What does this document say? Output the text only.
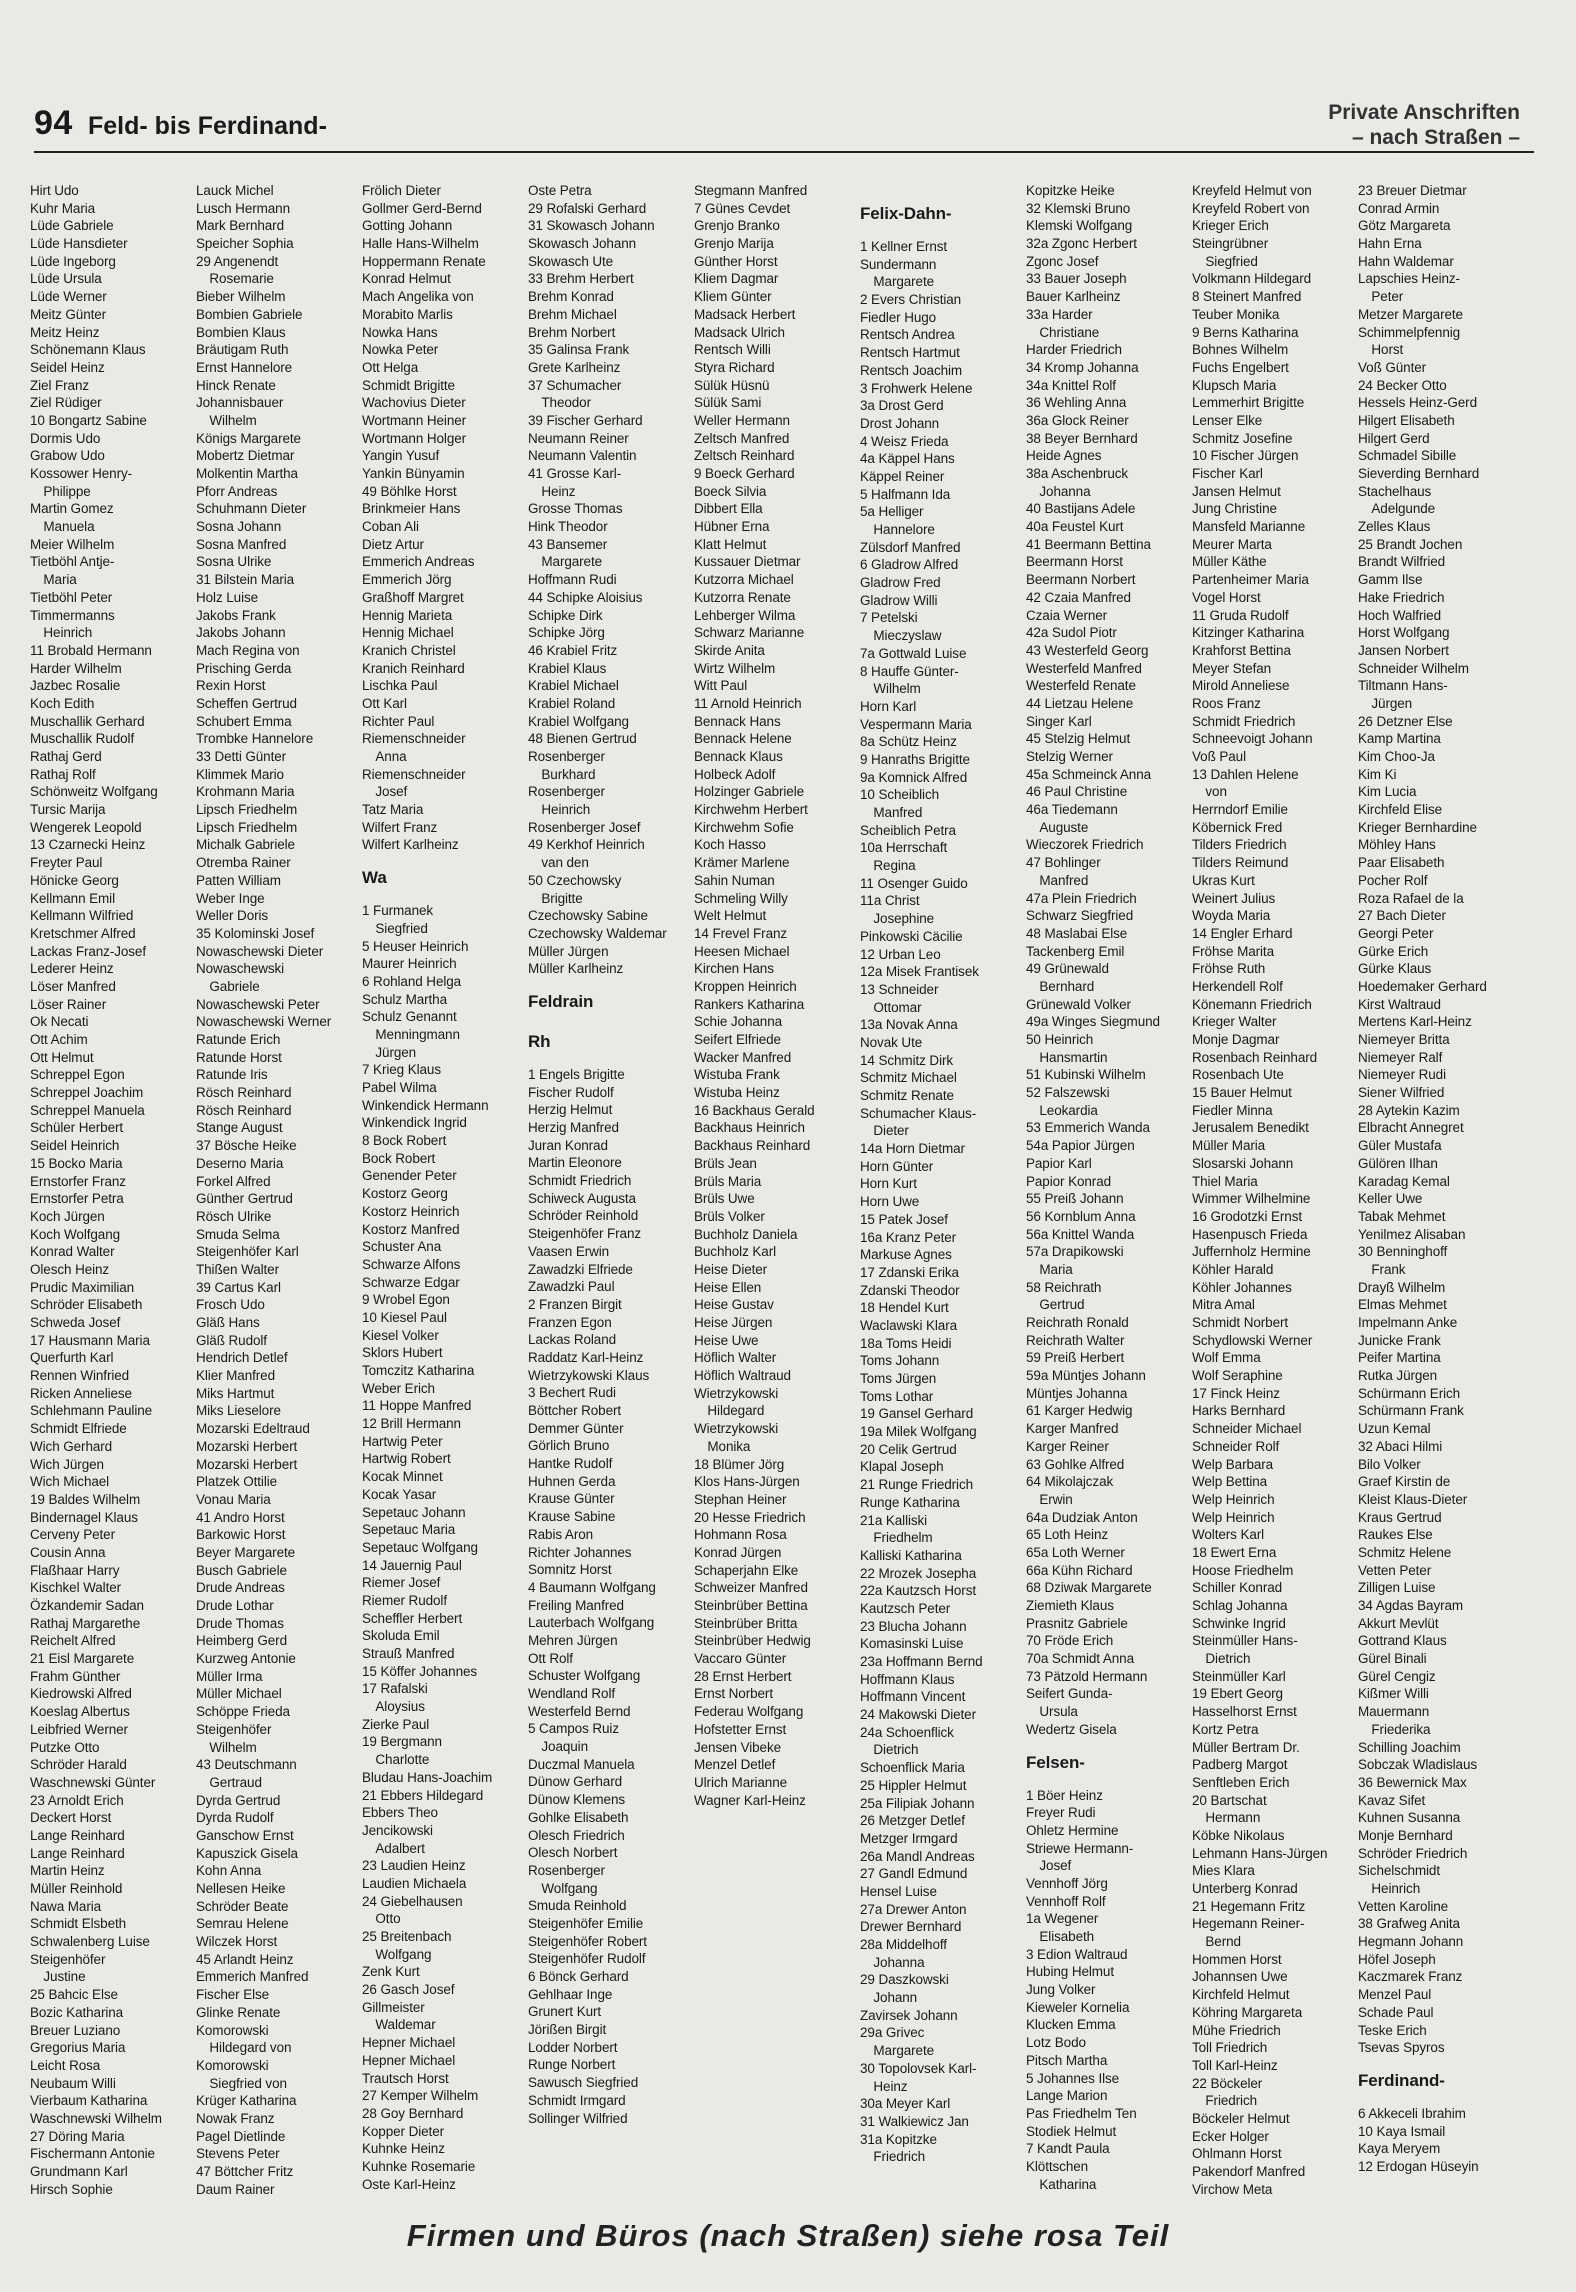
94 Feld- bis Ferdinand-	Private Anschriften
– nach Straßen –
Hirt Udo
Kuhr Maria
Lüde Gabriele
Lüde Hansdieter
Lüde Ingeborg
Lüde Ursula
Lüde Werner
Meitz Günter
Meitz Heinz
Schönemann Klaus
Seidel Heinz
Ziel Franz
Ziel Rüdiger
10 Bongartz Sabine
Dormis Udo
Grabow Udo
Kossower Henry-
 Philippe
Martin Gomez
 Manuela
Meier Wilhelm
Tietböhl Antje-
 Maria
Tietböhl Peter
Timmermanns
 Heinrich
11 Brobald Hermann
Harder Wilhelm
Jazbec Rosalie
Koch Edith
Muschallik Gerhard
Muschallik Rudolf
Rathaj Gerd
Rathaj Rolf
Schönweitz Wolfgang
Tursic Marija
Wengerek Leopold
13 Czarnecki Heinz
Freyter Paul
Hönicke Georg
Kellmann Emil
Kellmann Wilfried
Kretschmer Alfred
Lackas Franz-Josef
Lederer Heinz
Löser Manfred
Löser Rainer
Ok Necati
Ott Achim
Ott Helmut
Schreppel Egon
Schreppel Joachim
Schreppel Manuela
Schüler Herbert
Seidel Heinrich
15 Bocko Maria
Ernstorfer Franz
Ernstorfer Petra
Koch Jürgen
Koch Wolfgang
Konrad Walter
Olesch Heinz
Prudic Maximilian
Schröder Elisabeth
Schweda Josef
17 Hausmann Maria
Querfurth Karl
Rennen Winfried
Ricken Anneliese
Schlehmann Pauline
Schmidt Elfriede
Wich Gerhard
Wich Jürgen
Wich Michael
19 Baldes Wilhelm
Bindernagel Klaus
Cerveny Peter
Cousin Anna
Flaßhaar Harry
Kischkel Walter
Özkandemir Sadan
Rathaj Margarethe
Reichelt Alfred
21 Eisl Margarete
Frahm Günther
Kiedrowski Alfred
Koeslag Albertus
Leibfried Werner
Putzke Otto
Schröder Harald
Waschnewski Günter
23 Arnoldt Erich
Deckert Horst
Lange Reinhard
Lange Reinhard
Martin Heinz
Müller Reinhold
Nawa Maria
Schmidt Elsbeth
Schwalenberg Luise
Steigenhöfer
 Justine
25 Bahcic Else
Bozic Katharina
Breuer Luziano
Gregorius Maria
Leicht Rosa
Neubaum Willi
Vierbaum Katharina
Waschnewski Wilhelm
27 Döring Maria
Fischermann Antonie
Grundmann Karl
Hirsch Sophie
Lauck Michel
Lusch Hermann
Mark Bernhard
Speicher Sophia
29 Angenendt
 Rosemarie
Bieber Wilhelm
Bombien Gabriele
Bombien Klaus
Bräutigam Ruth
Ernst Hannelore
Hinck Renate
Johannisbauer
 Wilhelm
Königs Margarete
Mobertz Dietmar
Molkentin Martha
Pforr Andreas
Schuhmann Dieter
Sosna Johann
Sosna Manfred
Sosna Ulrike
31 Bilstein Maria
Holz Luise
Jakobs Frank
Jakobs Johann
Mach Regina von
Prisching Gerda
Rexin Horst
Scheffen Gertrud
Schubert Emma
Trombke Hannelore
33 Detti Günter
Klimmek Mario
Krohmann Maria
Lipsch Friedhelm
Lipsch Friedhelm
Michalk Gabriele
Otremba Rainer
Patten William
Weber Inge
Weller Doris
35 Kolominski Josef
Nowaschewski Dieter
Nowaschewski
 Gabriele
Nowaschewski Peter
Nowaschewski Werner
Ratunde Erich
Ratunde Horst
Ratunde Iris
Rösch Reinhard
Rösch Reinhard
Stange August
37 Bösche Heike
Deserno Maria
Forkel Alfred
Günther Gertrud
Rösch Ulrike
Smuda Selma
Steigenhöfer Karl
Thißen Walter
39 Cartus Karl
Frosch Udo
Gläß Hans
Gläß Rudolf
Hendrich Detlef
Klier Manfred
Miks Hartmut
Miks Lieselore
Mozarski Edeltraud
Mozarski Herbert
Mozarski Herbert
Platzek Ottilie
Vonau Maria
41 Andro Horst
Barkowic Horst
Beyer Margarete
Busch Gabriele
Drude Andreas
Drude Lothar
Drude Thomas
Heimberg Gerd
Kurzweg Antonie
Müller Irma
Müller Michael
Schöppe Frieda
Steigenhöfer
 Wilhelm
43 Deutschmann
 Gertraud
Dyrda Gertrud
Dyrda Rudolf
Ganschow Ernst
Kapuszick Gisela
Kohn Anna
Nellesen Heike
Schröder Beate
Semrau Helene
Wilczek Horst
45 Arlandt Heinz
Emmerich Manfred
Fischer Else
Glinke Renate
Komorowski
 Hildegard von
Komorowski
 Siegfried von
Krüger Katharina
Nowak Franz
Pagel Dietlinde
Stevens Peter
47 Böttcher Fritz
Daum Rainer
Frölich Dieter
Gollmer Gerd-Bernd
Gotting Johann
Halle Hans-Wilhelm
Hoppermann Renate
Konrad Helmut
Mach Angelika von
Morabito Marlis
Nowka Hans
Nowka Peter
Ott Helga
Schmidt Brigitte
Wachovius Dieter
Wortmann Heiner
Wortmann Holger
Yangin Yusuf
Yankin Bünyamin
49 Böhlke Horst
Brinkmeier Hans
Coban Ali
Dietz Artur
Emmerich Andreas
Emmerich Jörg
Graßhoff Margret
Hennig Marieta
Hennig Michael
Kranich Christel
Kranich Reinhard
Lischka Paul
Ott Karl
Richter Paul
Riemenschneider
 Anna
Riemenschneider
 Josef
Tatz Maria
Wilfert Franz
Wilfert Karlheinz
Wa
1 Furmanek
 Siegfried
5 Heuser Heinrich
Maurer Heinrich
6 Rohland Helga
Schulz Martha
Schulz Genannt
 Menningmann
 Jürgen
7 Krieg Klaus
Pabel Wilma
Winkendick Hermann
Winkendick Ingrid
8 Bock Robert
Bock Robert
Genender Peter
Kostorz Georg
Kostorz Heinrich
Kostorz Manfred
Schuster Ana
Schwarze Alfons
Schwarze Edgar
9 Wrobel Egon
10 Kiesel Paul
Kiesel Volker
Sklors Hubert
Tomczitz Katharina
Weber Erich
11 Hoppe Manfred
12 Brill Hermann
Hartwig Peter
Hartwig Robert
Kocak Minnet
Kocak Yasar
Sepetauc Johann
Sepetauc Maria
Sepetauc Wolfgang
14 Jauernig Paul
Riemer Josef
Riemer Rudolf
Scheffler Herbert
Skoluda Emil
Strauß Manfred
15 Köffer Johannes
17 Rafalski
 Aloysius
Zierke Paul
19 Bergmann
 Charlotte
Bludau Hans-Joachim
21 Ebbers Hildegard
Ebbers Theo
Jencikowski
 Adalbert
23 Laudien Heinz
Laudien Michaela
24 Giebelhausen
 Otto
25 Breitenbach
 Wolfgang
Zenk Kurt
26 Gasch Josef
Gillmeister
 Waldemar
Hepner Michael
Hepner Michael
Trautsch Horst
27 Kemper Wilhelm
28 Goy Bernhard
Kopper Dieter
Kuhnke Heinz
Kuhnke Rosemarie
Oste Karl-Heinz
Oste Petra
29 Rofalski Gerhard
31 Skowasch Johann
Skowasch Johann
Skowasch Ute
33 Brehm Herbert
Brehm Konrad
Brehm Michael
Brehm Norbert
35 Galinsa Frank
Grete Karlheinz
37 Schumacher
 Theodor
39 Fischer Gerhard
Neumann Reiner
Neumann Valentin
41 Grosse Karl-
 Heinz
Grosse Thomas
Hink Theodor
43 Bansemer
 Margarete
Hoffmann Rudi
44 Schipke Aloisius
Schipke Dirk
Schipke Jörg
46 Krabiel Fritz
Krabiel Klaus
Krabiel Michael
Krabiel Roland
Krabiel Wolfgang
48 Bienen Gertrud
Rosenberger
 Burkhard
Rosenberger
 Heinrich
Rosenberger Josef
49 Kerkhof Heinrich
 van den
50 Czechowsky
 Brigitte
Czechowsky Sabine
Czechowsky Waldemar
Müller Jürgen
Müller Karlheinz
Feldrain
Rh
1 Engels Brigitte
Fischer Rudolf
Herzig Helmut
Herzig Manfred
Juran Konrad
Martin Eleonore
Schmidt Friedrich
Schiweck Augusta
Schröder Reinhold
Steigenhöfer Franz
Vaasen Erwin
Zawadzki Elfriede
Zawadzki Paul
2 Franzen Birgit
Franzen Egon
Lackas Roland
Raddatz Karl-Heinz
Wietrzykowski Klaus
3 Bechert Rudi
Böttcher Robert
Demmer Günter
Görlich Bruno
Hantke Rudolf
Huhnen Gerda
Krause Günter
Krause Sabine
Rabis Aron
Richter Johannes
Somnitz Horst
4 Baumann Wolfgang
Freiling Manfred
Lauterbach Wolfgang
Mehren Jürgen
Ott Rolf
Schuster Wolfgang
Wendland Rolf
Westerfeld Bernd
5 Campos Ruiz
 Joaquin
Duczmal Manuela
Dünow Gerhard
Dünow Klemens
Gohlke Elisabeth
Olesch Friedrich
Olesch Norbert
Rosenberger
 Wolfgang
Smuda Reinhold
Steigenhöfer Emilie
Steigenhöfer Robert
Steigenhöfer Rudolf
6 Bönck Gerhard
Gehlhaar Inge
Grunert Kurt
Jörißen Birgit
Lodder Norbert
Runge Norbert
Sawusch Siegfried
Schmidt Irmgard
Sollinger Wilfried
Stegmann Manfred
7 Günes Cevdet
Grenjo Branko
Grenjo Marija
Günther Horst
Kliem Dagmar
Kliem Günter
Madsack Herbert
Madsack Ulrich
Rentsch Willi
Styra Richard
Sülük Hüsnü
Sülük Sami
Weller Hermann
Zeltsch Manfred
Zeltsch Reinhard
9 Boeck Gerhard
Boeck Silvia
Dibbert Ella
Hübner Erna
Klatt Helmut
Kussauer Dietmar
Kutzorra Michael
Kutzorra Renate
Lehberger Wilma
Schwarz Marianne
Skirde Anita
Wirtz Wilhelm
Witt Paul
11 Arnold Heinrich
Bennack Hans
Bennack Helene
Bennack Klaus
Holbeck Adolf
Holzinger Gabriele
Kirchwehm Herbert
Kirchwehm Sofie
Koch Hasso
Krämer Marlene
Sahin Numan
Schmeling Willy
Welt Helmut
14 Frevel Franz
Heesen Michael
Kirchen Hans
Kroppen Heinrich
Rankers Katharina
Schie Johanna
Seifert Elfriede
Wacker Manfred
Wistuba Frank
Wistuba Heinz
16 Backhaus Gerald
Backhaus Heinrich
Backhaus Reinhard
Brüls Jean
Brüls Maria
Brüls Uwe
Brüls Volker
Buchholz Daniela
Buchholz Karl
Heise Dieter
Heise Ellen
Heise Gustav
Heise Jürgen
Heise Uwe
Höflich Walter
Höflich Waltraud
Wietrzykowski
 Hildegard
Wietrzykowski
 Monika
18 Blümer Jörg
Klos Hans-Jürgen
Stephan Heiner
20 Hesse Friedrich
Hohmann Rosa
Konrad Jürgen
Schaperjahn Elke
Schweizer Manfred
Steinbrüber Bettina
Steinbrüber Britta
Steinbrüber Hedwig
Vaccaro Günter
28 Ernst Herbert
Ernst Norbert
Federau Wolfgang
Hofstetter Ernst
Jensen Vibeke
Menzel Detlef
Ulrich Marianne
Wagner Karl-Heinz
Felix-Dahn-
1 Kellner Ernst
Sundermann
 Margarete
2 Evers Christian
Fiedler Hugo
Rentsch Andrea
Rentsch Hartmut
Rentsch Joachim
3 Frohwerk Helene
3a Drost Gerd
Drost Johann
4 Weisz Frieda
4a Käppel Hans
Käppel Reiner
5 Halfmann Ida
5a Helliger
 Hannelore
Zülsdorf Manfred
6 Gladrow Alfred
Gladrow Fred
Gladrow Willi
7 Petelski
 Mieczyslaw
7a Gottwald Luise
8 Hauffe Günter-
 Wilhelm
Horn Karl
Vespermann Maria
8a Schütz Heinz
9 Hanraths Brigitte
9a Komnick Alfred
10 Scheiblich
 Manfred
Scheiblich Petra
10a Herrschaft
 Regina
11 Osenger Guido
11a Christ
 Josephine
Pinkowski Cäcilie
12 Urban Leo
12a Misek Frantisek
13 Schneider
 Ottomar
13a Novak Anna
Novak Ute
14 Schmitz Dirk
Schmitz Michael
Schmitz Renate
Schumacher Klaus-
 Dieter
14a Horn Dietmar
Horn Günter
Horn Kurt
Horn Uwe
15 Patek Josef
16a Kranz Peter
Markuse Agnes
17 Zdanski Erika
Zdanski Theodor
18 Hendel Kurt
Waclawski Klara
18a Toms Heidi
Toms Johann
Toms Jürgen
Toms Lothar
19 Gansel Gerhard
19a Milek Wolfgang
20 Celik Gertrud
Klapal Joseph
21 Runge Friedrich
Runge Katharina
21a Kalliski
 Friedhelm
Kalliski Katharina
22 Mrozek Josepha
22a Kautzsch Horst
Kautzsch Peter
23 Blucha Johann
Komasinski Luise
23a Hoffmann Bernd
Hoffmann Klaus
Hoffmann Vincent
24 Makowski Dieter
24a Schoenflick
 Dietrich
Schoenflick Maria
25 Hippler Helmut
25a Filipiak Johann
26 Metzger Detlef
Metzger Irmgard
26a Mandl Andreas
27 Gandl Edmund
Hensel Luise
27a Drewer Anton
Drewer Bernhard
28a Middelhoff
 Johanna
29 Daszkowski
 Johann
Zavirsek Johann
29a Grivec
 Margarete
30 Topolovsek Karl-
 Heinz
30a Meyer Karl
31 Walkiewicz Jan
31a Kopitzke
 Friedrich
Kopitzke Heike
32 Klemski Bruno
Klemski Wolfgang
32a Zgonc Herbert
Zgonc Josef
33 Bauer Joseph
Bauer Karlheinz
33a Harder
 Christiane
Harder Friedrich
34 Kromp Johanna
34a Knittel Rolf
36 Wehling Anna
36a Glock Reiner
38 Beyer Bernhard
Heide Agnes
38a Aschenbruck
 Johanna
40 Bastijans Adele
40a Feustel Kurt
41 Beermann Bettina
Beermann Horst
Beermann Norbert
42 Czaia Manfred
Czaia Werner
42a Sudol Piotr
43 Westerfeld Georg
Westerfeld Manfred
Westerfeld Renate
44 Lietzau Helene
Singer Karl
45 Stelzig Helmut
Stelzig Werner
45a Schmeinck Anna
46 Paul Christine
46a Tiedemann
 Auguste
Wieczorek Friedrich
47 Bohlinger
 Manfred
47a Plein Friedrich
Schwarz Siegfried
48 Maslabai Else
Tackenberg Emil
49 Grünewald
 Bernhard
Grünewald Volker
49a Winges Siegmund
50 Heinrich
 Hansmartin
51 Kubinski Wilhelm
52 Falszewski
 Leokardia
53 Emmerich Wanda
54a Papior Jürgen
Papior Karl
Papior Konrad
55 Preiß Johann
56 Kornblum Anna
56a Knittel Wanda
57a Drapikowski
 Maria
58 Reichrath
 Gertrud
Reichrath Ronald
Reichrath Walter
59 Preiß Herbert
59a Müntjes Johann
Müntjes Johanna
61 Karger Hedwig
Karger Manfred
Karger Reiner
63 Gohlke Alfred
64 Mikolajczak
 Erwin
64a Dudziak Anton
65 Loth Heinz
65a Loth Werner
66a Kühn Richard
68 Dziwak Margarete
Ziemieth Klaus
Prasnitz Gabriele
70 Fröde Erich
70a Schmidt Anna
73 Pätzold Hermann
Seifert Gunda-
 Ursula
Wedertz Gisela
Felsen-
1 Böer Heinz
Freyer Rudi
Ohletz Hermine
Striewe Hermann-
 Josef
Vennhoff Jörg
Vennhoff Rolf
1a Wegener
 Elisabeth
3 Edion Waltraud
Hubing Helmut
Jung Volker
Kieweler Kornelia
Klucken Emma
Lotz Bodo
Pitsch Martha
5 Johannes Ilse
Lange Marion
Pas Friedhelm Ten
Stodiek Helmut
7 Kandt Paula
Klöttschen
 Katharina
Kreyfeld Helmut von
Kreyfeld Robert von
Krieger Erich
Steingrübner
 Siegfried
Volkmann Hildegard
8 Steinert Manfred
Teuber Monika
9 Berns Katharina
Bohnes Wilhelm
Fuchs Engelbert
Klupsch Maria
Lemmerhirt Brigitte
Lenser Elke
Schmitz Josefine
10 Fischer Jürgen
Fischer Karl
Jansen Helmut
Jung Christine
Mansfeld Marianne
Meurer Marta
Müller Käthe
Partenheimer Maria
Vogel Horst
11 Gruda Rudolf
Kitzinger Katharina
Krahforst Bettina
Meyer Stefan
Mirold Anneliese
Roos Franz
Schmidt Friedrich
Schneevoigt Johann
Voß Paul
13 Dahlen Helene
 von
Herrndorf Emilie
Köbernick Fred
Tilders Friedrich
Tilders Reimund
Ukras Kurt
Weinert Julius
Woyda Maria
14 Engler Erhard
Fröhse Marita
Fröhse Ruth
Herkendell Rolf
Könemann Friedrich
Krieger Walter
Monje Dagmar
Rosenbach Reinhard
Rosenbach Ute
15 Bauer Helmut
Fiedler Minna
Jerusalem Benedikt
Müller Maria
Slosarski Johann
Thiel Maria
Wimmer Wilhelmine
16 Grodotzki Ernst
Hasenpusch Frieda
Juffernholz Hermine
Köhler Harald
Köhler Johannes
Mitra Amal
Schmidt Norbert
Schydlowski Werner
Wolf Emma
Wolf Seraphine
17 Finck Heinz
Harks Bernhard
Schneider Michael
Schneider Rolf
Welp Barbara
Welp Bettina
Welp Heinrich
Welp Heinrich
Wolters Karl
18 Ewert Erna
Hoose Friedhelm
Schiller Konrad
Schlag Johanna
Schwinke Ingrid
Steinmüller Hans-
 Dietrich
Steinmüller Karl
19 Ebert Georg
Hasselhorst Ernst
Kortz Petra
Müller Bertram Dr.
Padberg Margot
Senftleben Erich
20 Bartschat
 Hermann
Köbke Nikolaus
Lehmann Hans-Jürgen
Mies Klara
Unterberg Konrad
21 Hegemann Fritz
Hegemann Reiner-
 Bernd
Hommen Horst
Johannsen Uwe
Kirchfeld Helmut
Köhring Margareta
Mühe Friedrich
Toll Friedrich
Toll Karl-Heinz
22 Böckeler
 Friedrich
Böckeler Helmut
Ecker Holger
Ohlmann Horst
Pakendorf Manfred
Virchow Meta
23 Breuer Dietmar
Conrad Armin
Götz Margareta
Hahn Erna
Hahn Waldemar
Lapschies Heinz-
 Peter
Metzer Margarete
Schimmelpfennig
 Horst
Voß Günter
24 Becker Otto
Hessels Heinz-Gerd
Hilgert Elisabeth
Hilgert Gerd
Schmadel Sibille
Sieverding Bernhard
Stachelhaus
 Adelgunde
Zelles Klaus
25 Brandt Jochen
Brandt Wilfried
Gamm Ilse
Hake Friedrich
Hoch Walfried
Horst Wolfgang
Jansen Norbert
Schneider Wilhelm
Tiltmann Hans-
 Jürgen
26 Detzner Else
Kamp Martina
Kim Choo-Ja
Kim Ki
Kim Lucia
Kirchfeld Elise
Krieger Bernhardine
Möhley Hans
Paar Elisabeth
Pocher Rolf
Roza Rafael de la
27 Bach Dieter
Georgi Peter
Gürke Erich
Gürke Klaus
Hoedemaker Gerhard
Kirst Waltraud
Mertens Karl-Heinz
Niemeyer Britta
Niemeyer Ralf
Niemeyer Rudi
Siener Wilfried
28 Aytekin Kazim
Elbracht Annegret
Güler Mustafa
Gülören Ilhan
Karadag Kemal
Keller Uwe
Tabak Mehmet
Yenilmez Alisaban
30 Benninghoff
 Frank
Drayß Wilhelm
Elmas Mehmet
Impelmann Anke
Junicke Frank
Peifer Martina
Rutka Jürgen
Schürmann Erich
Schürmann Frank
Uzun Kemal
32 Abaci Hilmi
Bilo Volker
Graef Kirstin de
Kleist Klaus-Dieter
Kraus Gertrud
Raukes Else
Schmitz Helene
Vetten Peter
Zilligen Luise
34 Agdas Bayram
Akkurt Mevlüt
Gottrand Klaus
Gürel Binali
Gürel Cengiz
Kißmer Willi
Mauermann
 Friederika
Schilling Joachim
Sobczak Wladislaus
36 Bewernick Max
Kavaz Sifet
Kuhnen Susanna
Monje Bernhard
Schröder Friedrich
Sichelschmidt
 Heinrich
Vetten Karoline
38 Grafweg Anita
Hegmann Johann
Höfel Joseph
Kaczmarek Franz
Menzel Paul
Schade Paul
Teske Erich
Tsevas Spyros
Ferdinand-
6 Akkeceli Ibrahim
10 Kaya Ismail
Kaya Meryem
12 Erdogan Hüseyin
Firmen und Büros (nach Straßen) siehe rosa Teil
